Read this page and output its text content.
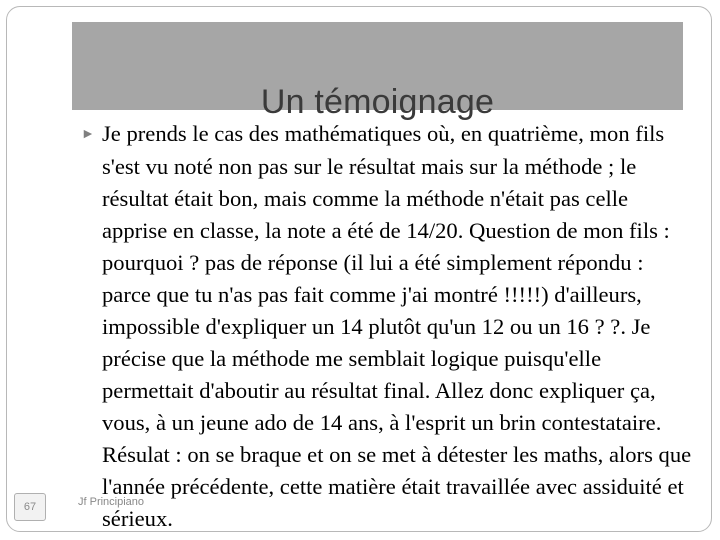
Un témoignage

► Je prends le cas des mathématiques où, en quatrième, mon fils s'est vu noté non pas sur le résultat mais sur la méthode ; le résultat était bon, mais comme la méthode n'était pas celle apprise en classe, la note a été de 14/20. Question de mon fils : pourquoi ? pas de réponse (il lui a été simplement répondu : parce que tu n'as pas fait comme j'ai montré !!!!!) d'ailleurs, impossible d'expliquer un 14 plutôt qu'un 12 ou un 16 ? ?. Je précise que la méthode me semblait logique puisqu'elle permettait d'aboutir au résultat final. Allez donc expliquer ça, vous, à un jeune ado de 14 ans, à l'esprit un brin contestataire. Résulat : on se braque et on se met à détester les maths, alors que l'année précédente, cette matière était travaillée avec assiduité et sérieux.

67	Jf Principiano
